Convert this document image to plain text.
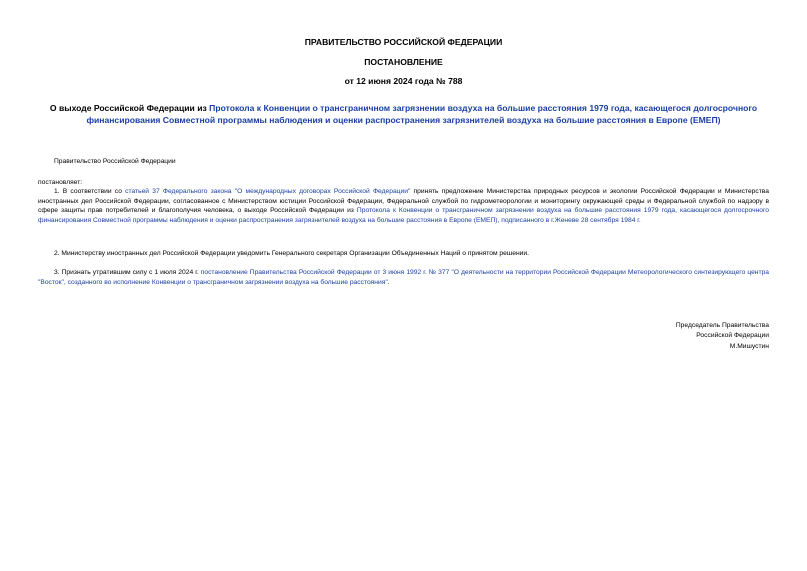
ПРАВИТЕЛЬСТВО РОССИЙСКОЙ ФЕДЕРАЦИИ
ПОСТАНОВЛЕНИЕ
от 12 июня 2024 года № 788
О выходе Российской Федерации из Протокола к Конвенции о трансграничном загрязнении воздуха на большие расстояния 1979 года, касающегося долгосрочного финансирования Совместной программы наблюдения и оценки распространения загрязнителей воздуха на большие расстояния в Европе (ЕМЕП)
Правительство Российской Федерации
постановляет:
1. В соответствии со статьей 37 Федерального закона "О международных договорах Российской Федерации" принять предложение Министерства природных ресурсов и экологии Российской Федерации и Министерства иностранных дел Российской Федерации, согласованное с Министерством юстиции Российской Федерации, Федеральной службой по гидрометеорологии и мониторингу окружающей среды и Федеральной службой по надзору в сфере защиты прав потребителей и благополучия человека, о выходе Российской Федерации из Протокола к Конвенции о трансграничном загрязнении воздуха на большие расстояния 1979 года, касающегося долгосрочного финансирования Совместной программы наблюдения и оценки распространения загрязнителей воздуха на большие расстояния в Европе (ЕМЕП), подписанного в г.Женеве 28 сентября 1984 г.
2. Министерству иностранных дел Российской Федерации уведомить Генерального секретаря Организации Объединенных Наций о принятом решении.
3. Признать утратившим силу с 1 июля 2024 г. постановление Правительства Российской Федерации от 3 июня 1992 г. № 377 "О деятельности на территории Российской Федерации Метеорологического синтезирующего центра "Восток", созданного во исполнение Конвенции о трансграничном загрязнении воздуха на большие расстояния".
Председатель Правительства
Российской Федерации
М.Мишустин
